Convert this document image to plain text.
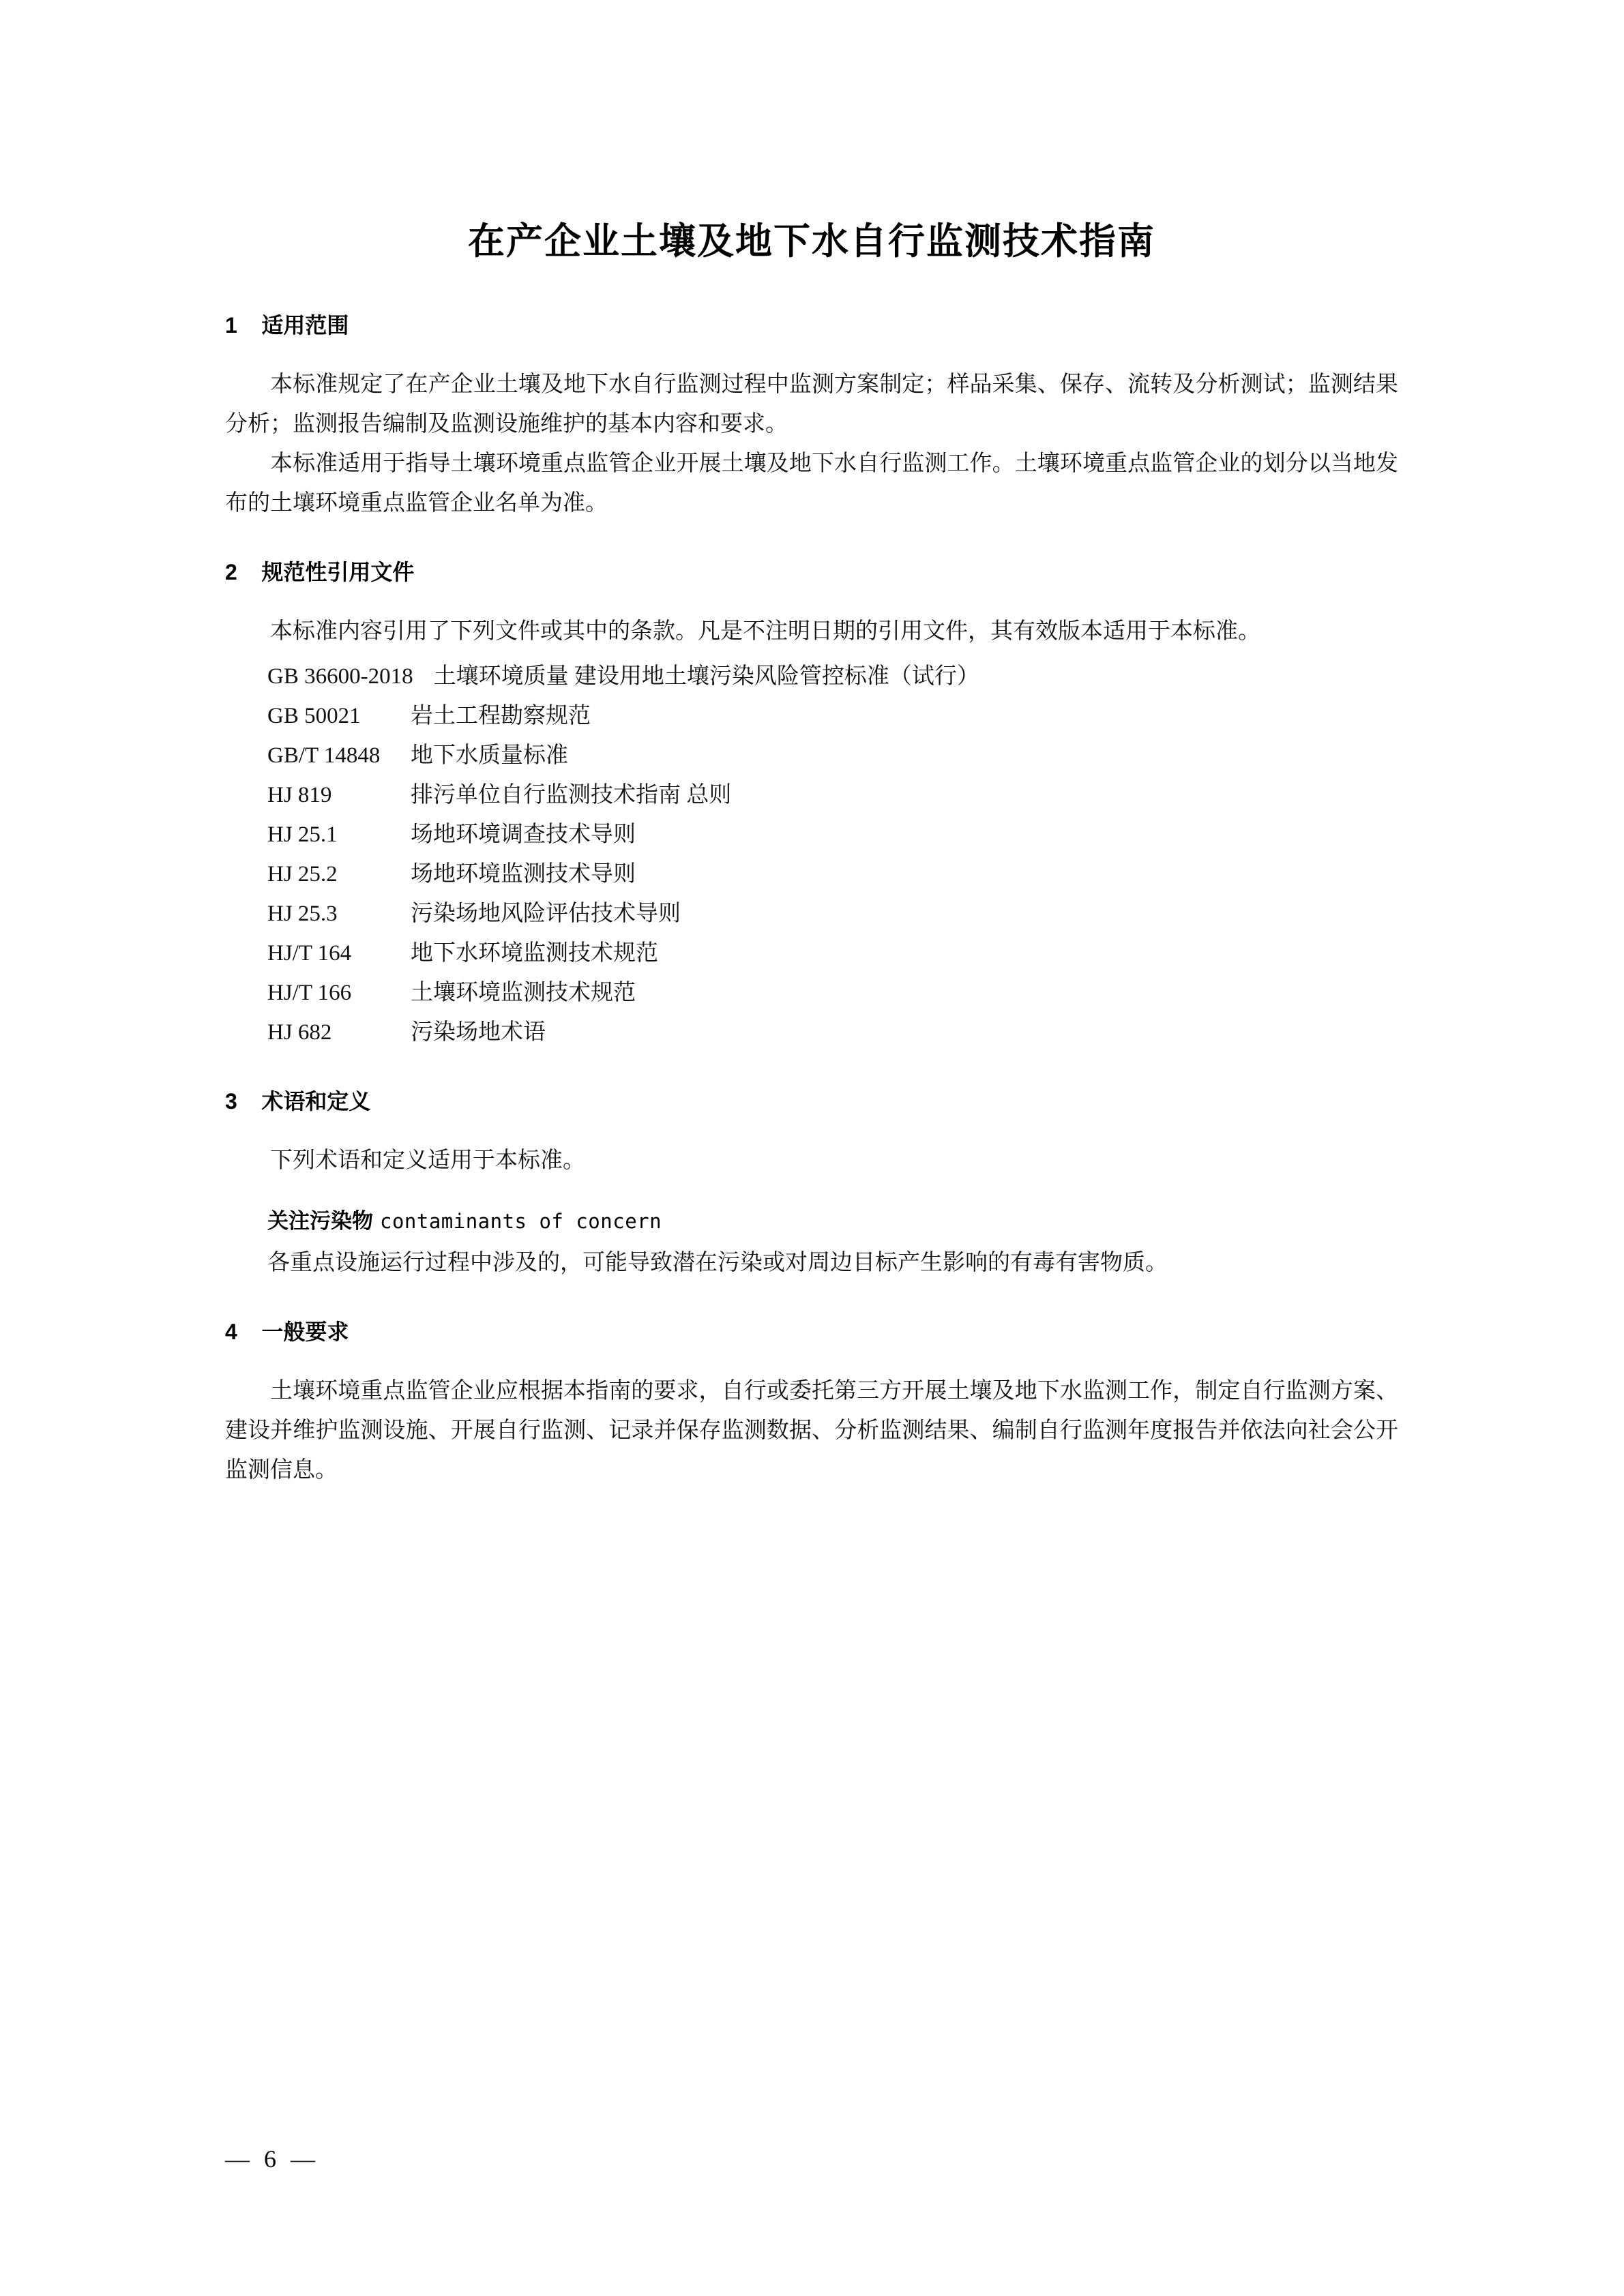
在产企业土壤及地下水自行监测技术指南
1 适用范围

本标准规定了在产企业土壤及地下水自行监测过程中监测方案制定；样品采集、保存、流转及分析测试；监测结果分析；监测报告编制及监测设施维护的基本内容和要求。

本标准适用于指导土壤环境重点监管企业开展土壤及地下水自行监测工作。土壤环境重点监管企业的划分以当地发布的土壤环境重点监管企业名单为准。

2 规范性引用文件

本标准内容引用了下列文件或其中的条款。凡是不注明日期的引用文件，其有效版本适用于本标准。

GB 36600-2018 土壤环境质量 建设用地土壤污染风险管控标准（试行）
GB 50021 岩土工程勘察规范
GB/T 14848 地下水质量标准
HJ 819	排污单位自行监测技术指南 总则
HJ 25.1	场地环境调查技术导则
HJ 25.2	场地环境监测技术导则
HJ 25.3	污染场地风险评估技术导则
HJ/T 164	地下水环境监测技术规范
HJ/T 166	土壤环境监测技术规范
HJ 682	污染场地术语
3 术语和定义

下列术语和定义适用于本标准。

关注污染物 contaminants of concern

各重点设施运行过程中涉及的，可能导致潜在污染或对周边目标产生影响的有毒有害物质。

4 一般要求

土壤环境重点监管企业应根据本指南的要求，自行或委托第三方开展土壤及地下水监测工作，制定自行监测方案、建设并维护监测设施、开展自行监测、记录并保存监测数据、分析监测结果、编制自行监测年度报告并依法向社会公开监测信息。

— 6 —
